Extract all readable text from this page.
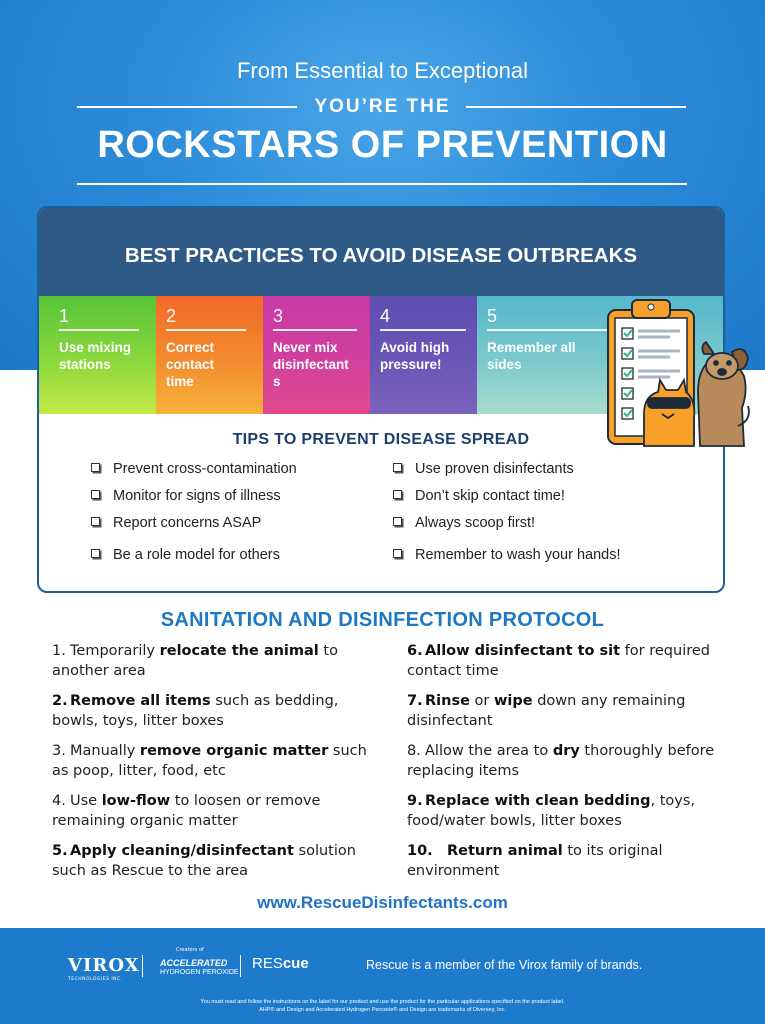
From Essential to Exceptional
YOU’RE THE
ROCKSTARS OF PREVENTION
BEST PRACTICES TO AVOID DISEASE OUTBREAKS
1
Use mixing stations
2
Correct contact time
3
Never mix
disinfectant
s
4
Avoid high pressure!
5
Remember all sides
TIPS TO PREVENT DISEASE SPREAD
Prevent cross-contamination
Monitor for signs of illness
Report concerns ASAP
Be a role model for others
Use proven disinfectants
Don’t skip contact time!
Always scoop first!
Remember to wash your hands!
SANITATION AND DISINFECTION PROTOCOL
1. Temporarily relocate the animal to another area
2. Remove all items such as bedding, bowls, toys, litter boxes
3. Manually remove organic matter such as poop, litter, food, etc
4. Use low-flow to loosen or remove remaining organic matter
5. Apply cleaning/disinfectant solution such as Rescue to the area
6. Allow disinfectant to sit for required contact time
7. Rinse or wipe down any remaining disinfectant
8. Allow the area to dry thoroughly before replacing items
9. Replace with clean bedding, toys, food/water bowls, litter boxes
10. Return animal to its original environment
www.RescueDisinfectants.com
VIROX
TECHNOLOGIES INC.
Creators of
ACCELERATED
HYDROGEN PEROXIDE
REScue	Rescue is a member of the Virox family of brands.
You must read and follow the instructions on the label for our product and use the product for the particular applications specified on the product label.
AHP® and Design and Accelerated Hydrogen Peroxide® and Design are trademarks of Diversey, Inc.
